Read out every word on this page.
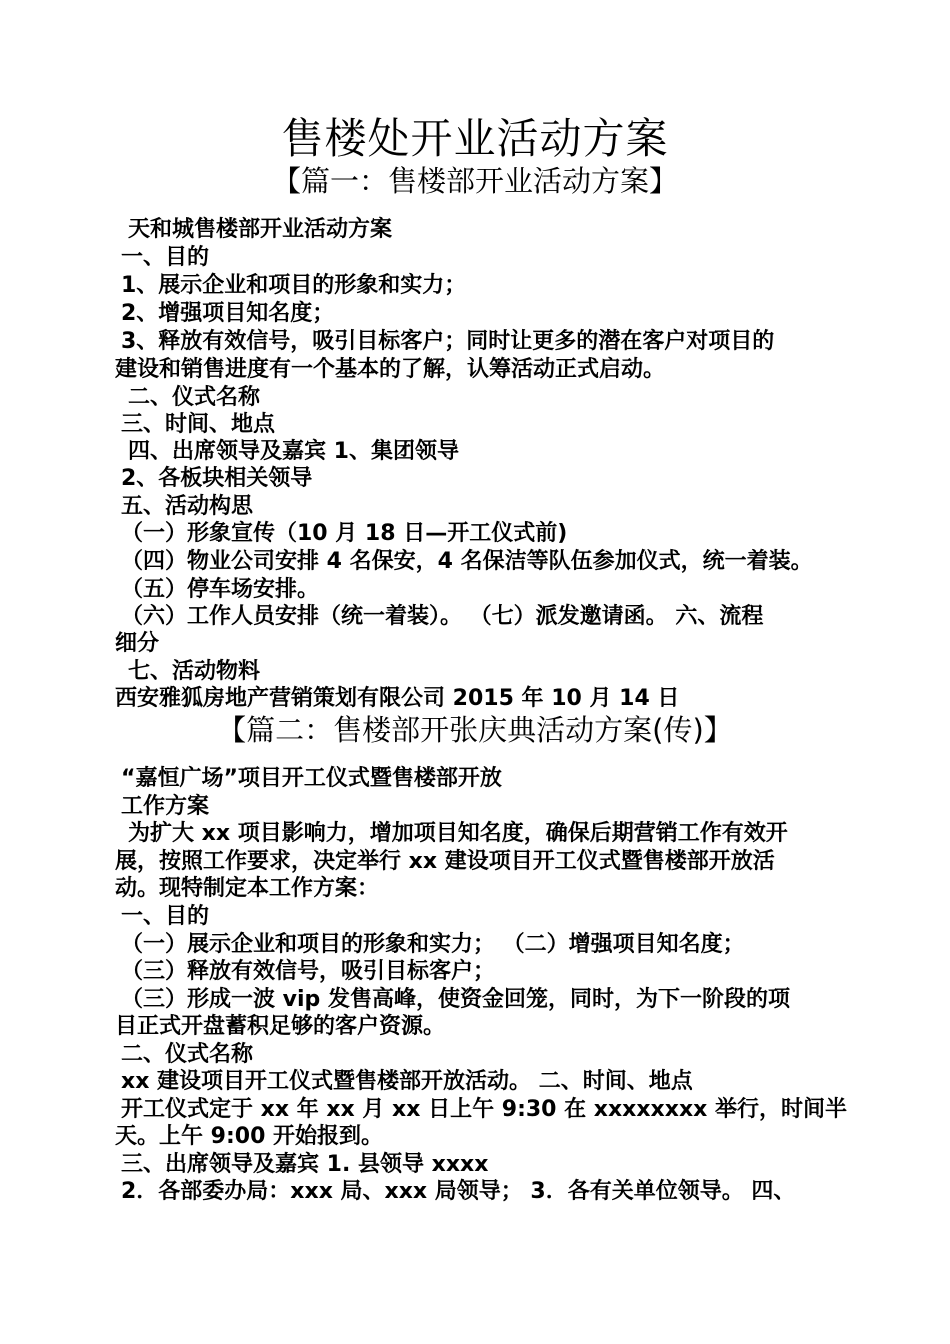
售楼处开业活动方案
【篇一：售楼部开业活动方案】
天和城售楼部开业活动方案
一、目的
1、展示企业和项目的形象和实力；
2、增强项目知名度；
3、释放有效信号，吸引目标客户；同时让更多的潜在客户对项目的
建设和销售进度有一个基本的了解，认筹活动正式启动。
二、仪式名称
三、时间、地点
四、出席领导及嘉宾 1、集团领导
2、各板块相关领导
五、活动构思
（一）形象宣传（10 月 18 日—开工仪式前)
（四）物业公司安排 4 名保安，4 名保洁等队伍参加仪式，统一着装。
（五）停车场安排。
（六）工作人员安排（统一着装）。 （七）派发邀请函。 六、流程
细分
七、活动物料
西安雅狐房地产营销策划有限公司 2015 年 10 月 14 日
【篇二：售楼部开张庆典活动方案(传)】
“嘉恒广场”项目开工仪式暨售楼部开放
工作方案
为扩大 xx 项目影响力，增加项目知名度，确保后期营销工作有效开
展，按照工作要求，决定举行 xx 建设项目开工仪式暨售楼部开放活
动。现特制定本工作方案：
一、目的
（一）展示企业和项目的形象和实力； （二）增强项目知名度；
（三）释放有效信号，吸引目标客户；
（三）形成一波 vip 发售高峰，使资金回笼，同时，为下一阶段的项
目正式开盘蓄积足够的客户资源。
二、仪式名称
xx 建设项目开工仪式暨售楼部开放活动。 二、时间、地点
开工仪式定于 xx 年 xx 月 xx 日上午 9:30 在 xxxxxxxx 举行，时间半
天。上午 9:00 开始报到。
三、出席领导及嘉宾 1. 县领导 xxxx
2．各部委办局：xxx 局、xxx 局领导； 3．各有关单位领导。 四、
